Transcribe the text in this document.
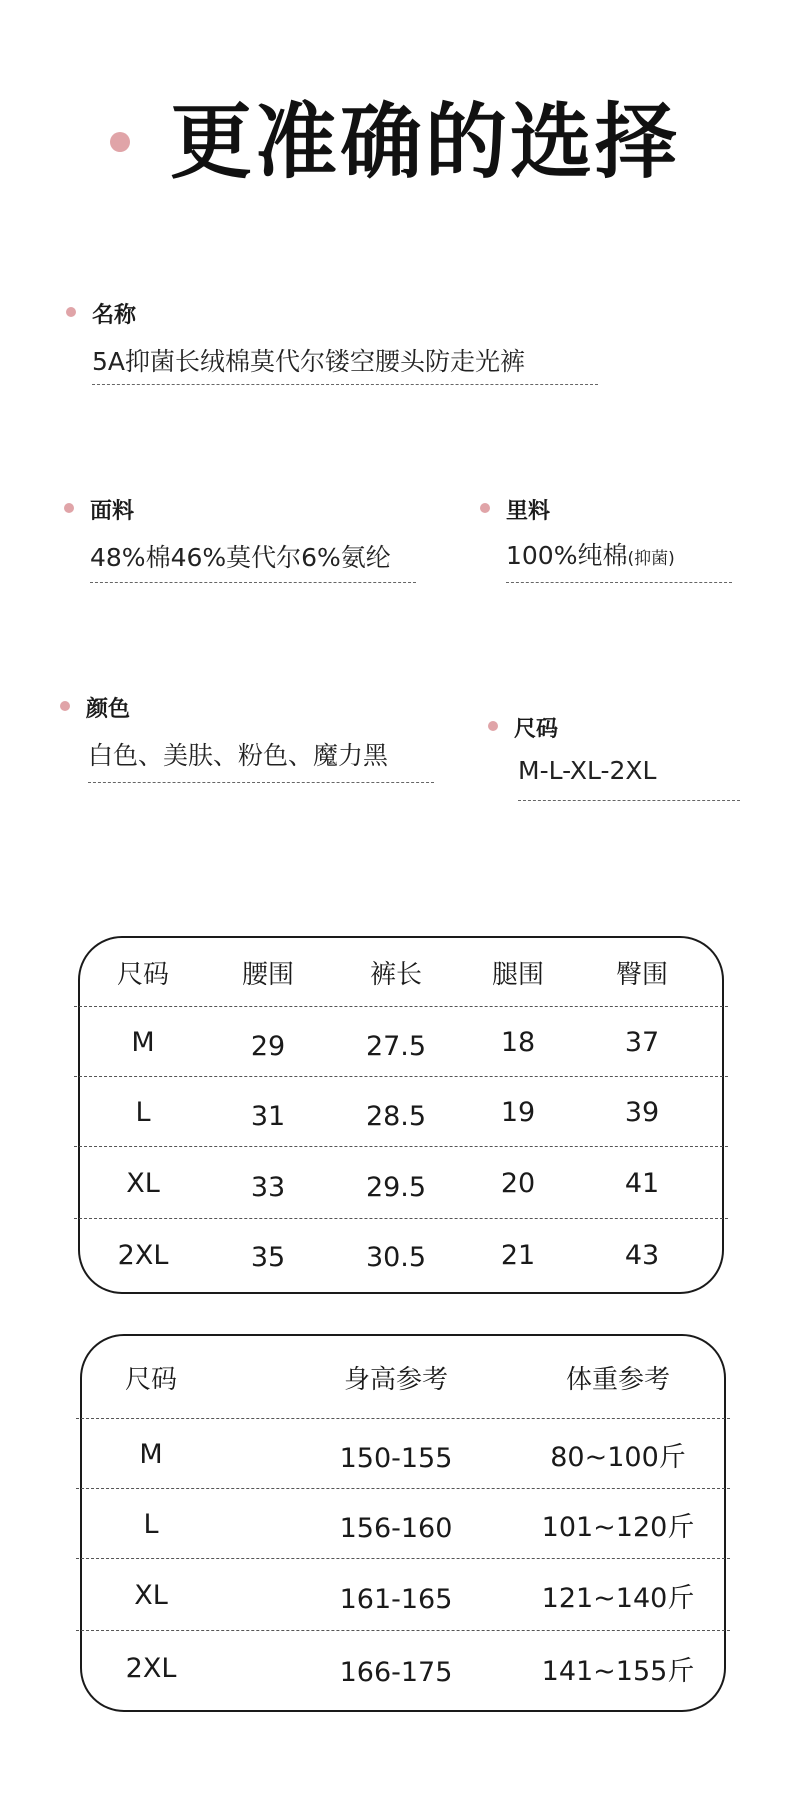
更准确的选择
名称
5A抑菌长绒棉莫代尔镂空腰头防走光裤
面料
48%棉46%莫代尔6%氨纶
里料
100%纯棉(抑菌)
颜色
白色、美肤、粉色、魔力黑
尺码
M-L-XL-2XL
尺码	腰围	裤长	腿围	臀围
M	29	27.5	18	37
L	31	28.5	19	39
XL	33	29.5	20	41
2XL	35	30.5	21	43
尺码	身高参考	体重参考
M	150-155	80~100斤
L	156-160	101~120斤
XL	161-165	121~140斤
2XL	166-175	141~155斤
